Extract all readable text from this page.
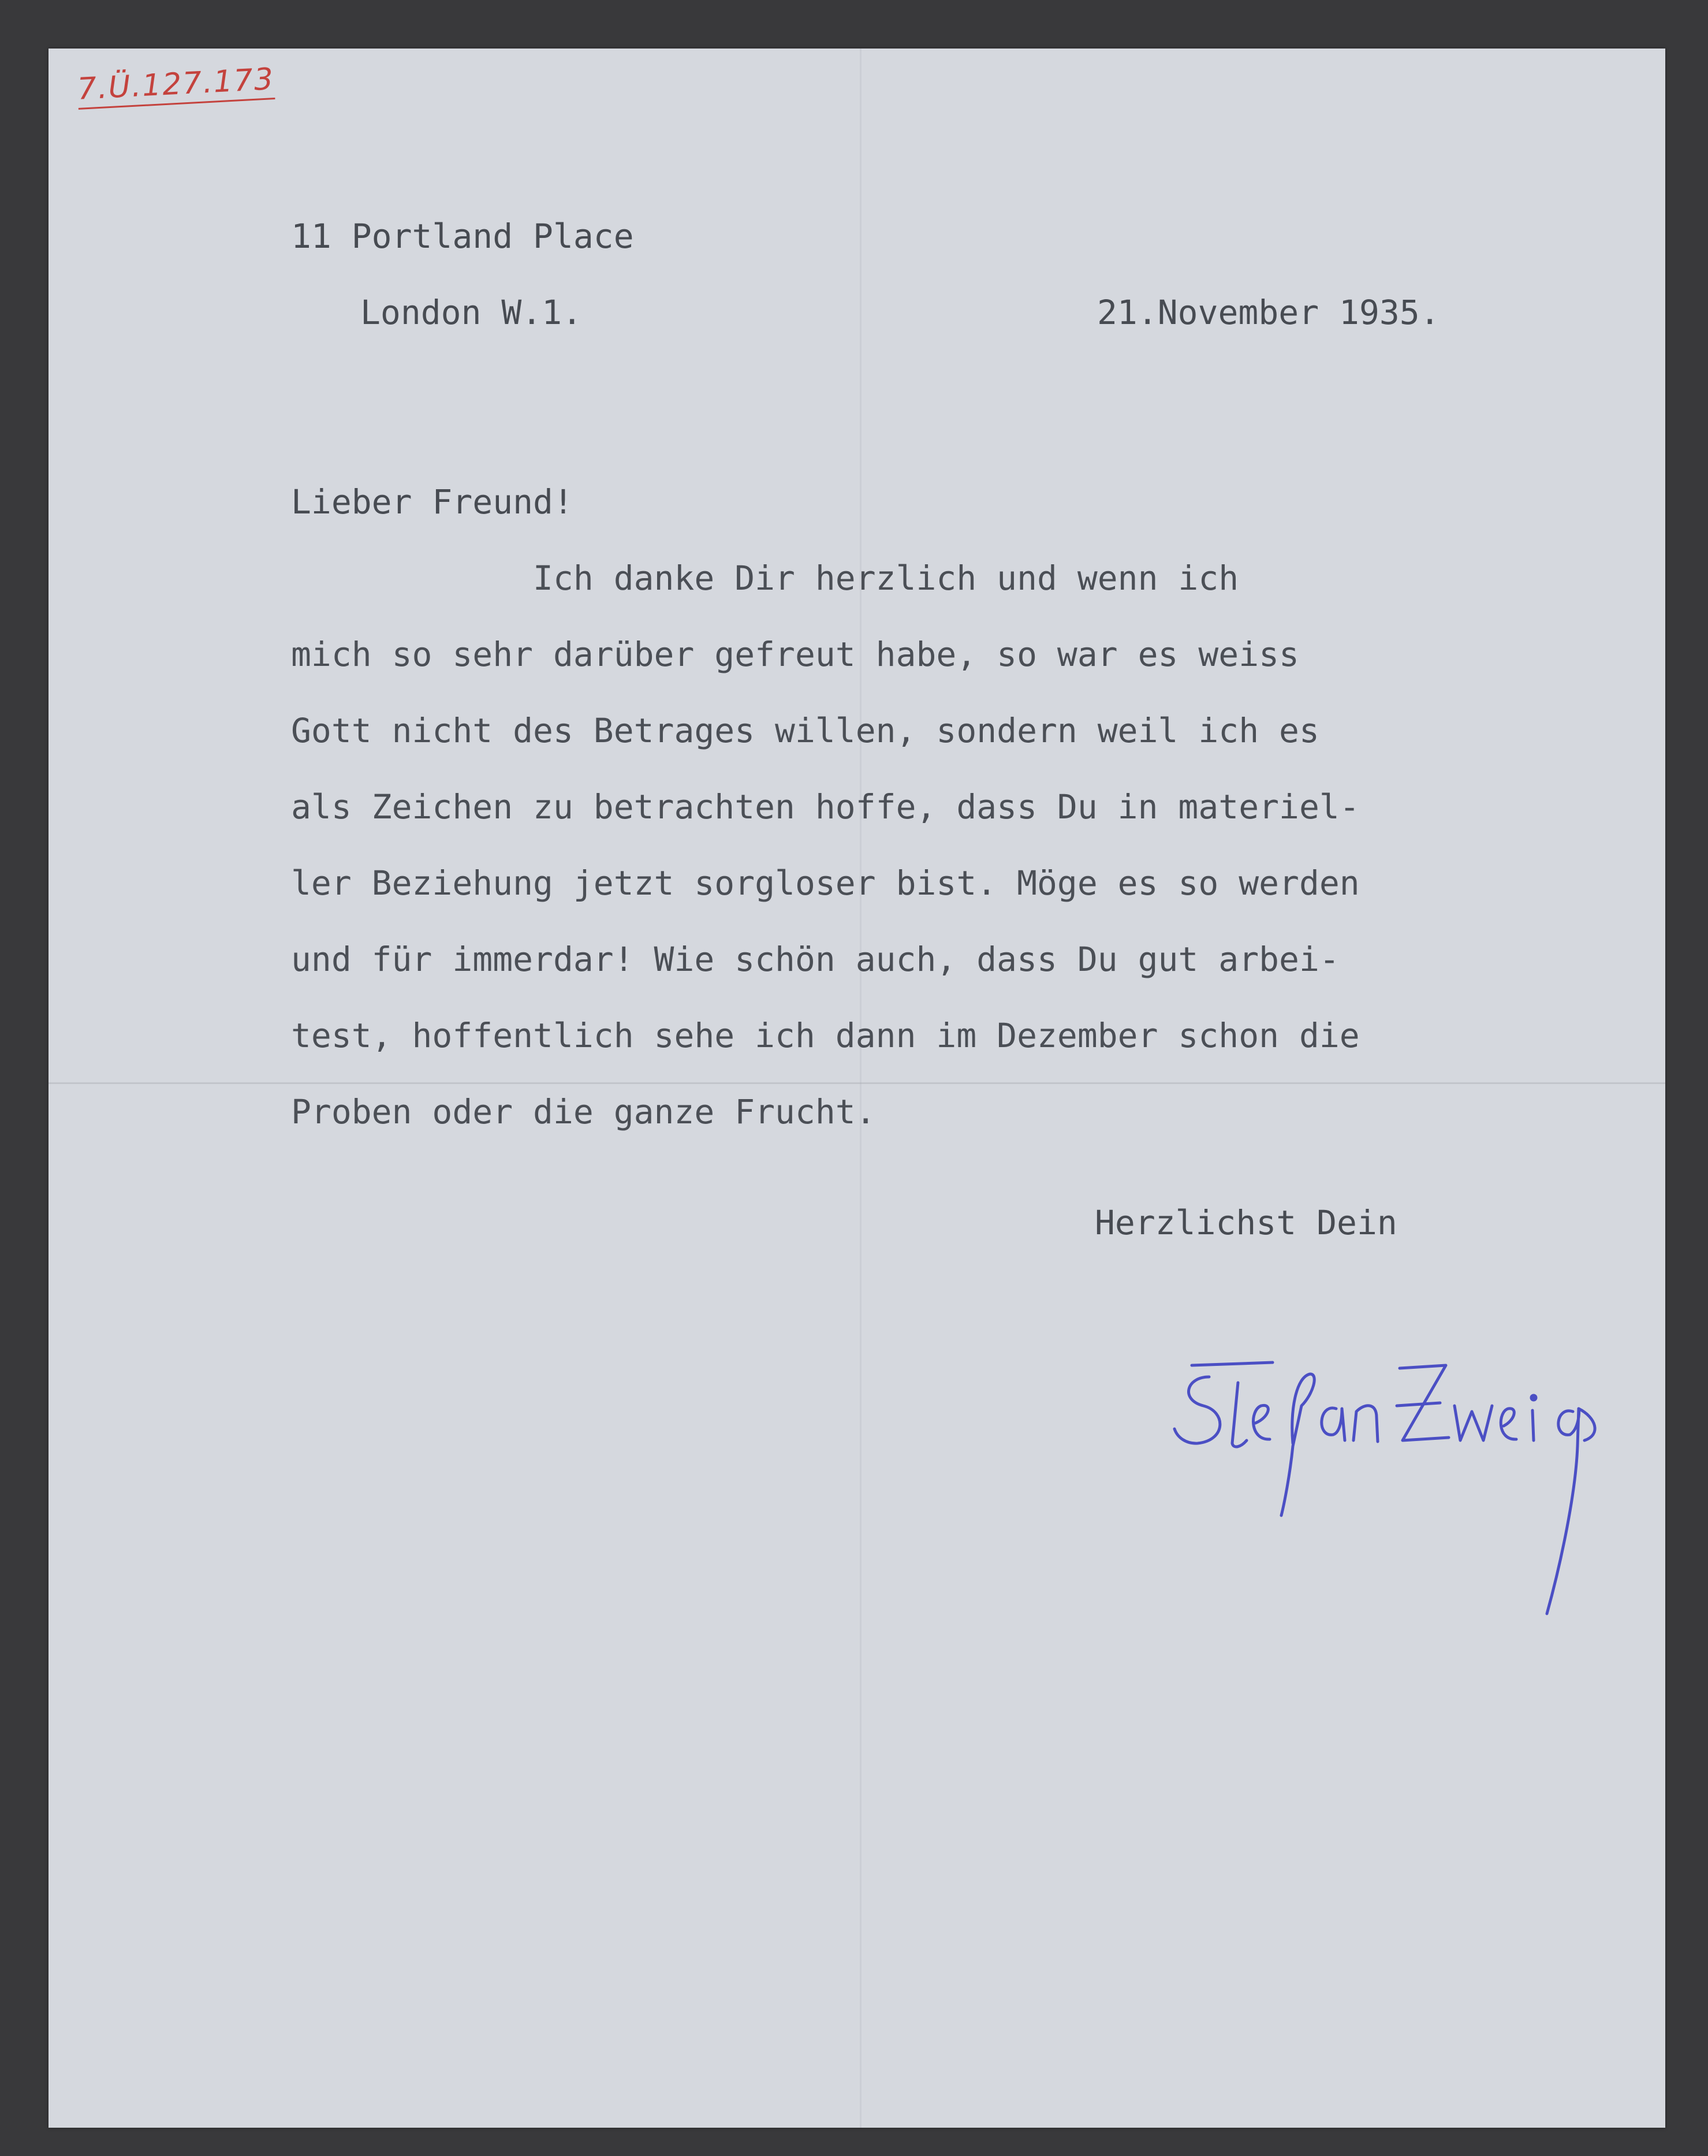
7.Ü.127.173
11 Portland Place
London W.1.	21.November 1935.
Lieber Freund!
Ich danke Dir herzlich und wenn ich
mich so sehr darüber gefreut habe, so war es weiss
Gott nicht des Betrages willen, sondern weil ich es
als Zeichen zu betrachten hoffe, dass Du in materiel-
ler Beziehung jetzt sorgloser bist. Möge es so werden
und für immerdar! Wie schön auch, dass Du gut arbei-
test, hoffentlich sehe ich dann im Dezember schon die
Proben oder die ganze Frucht.
Herzlichst Dein
